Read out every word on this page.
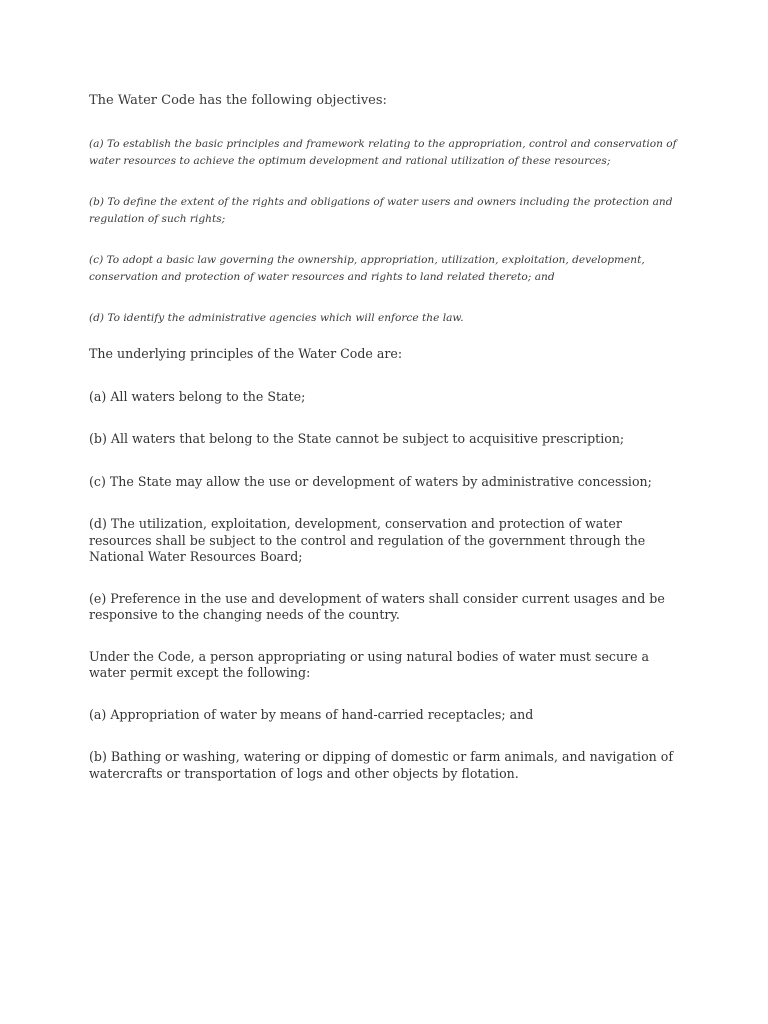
The Water Code has the following objectives:

(a) To establish the basic principles and framework relating to the appropriation, control and conservation of water resources to achieve the optimum development and rational utilization of these resources;

(b) To define the extent of the rights and obligations of water users and owners including the protection and regulation of such rights;

(c) To adopt a basic law governing the ownership, appropriation, utilization, exploitation, development, conservation and protection of water resources and rights to land related thereto; and

(d) To identify the administrative agencies which will enforce the law.

The underlying principles of the Water Code are:

(a) All waters belong to the State;

(b) All waters that belong to the State cannot be subject to acquisitive prescription;

(c) The State may allow the use or development of waters by administrative concession;

(d) The utilization, exploitation, development, conservation and protection of water resources shall be subject to the control and regulation of the government through the National Water Resources Board;

(e) Preference in the use and development of waters shall consider current usages and be responsive to the changing needs of the country.

Under the Code, a person appropriating or using natural bodies of water must secure a water permit except the following:

(a) Appropriation of water by means of hand-carried receptacles; and

(b) Bathing or washing, watering or dipping of domestic or farm animals, and navigation of watercrafts or transportation of logs and other objects by flotation.
